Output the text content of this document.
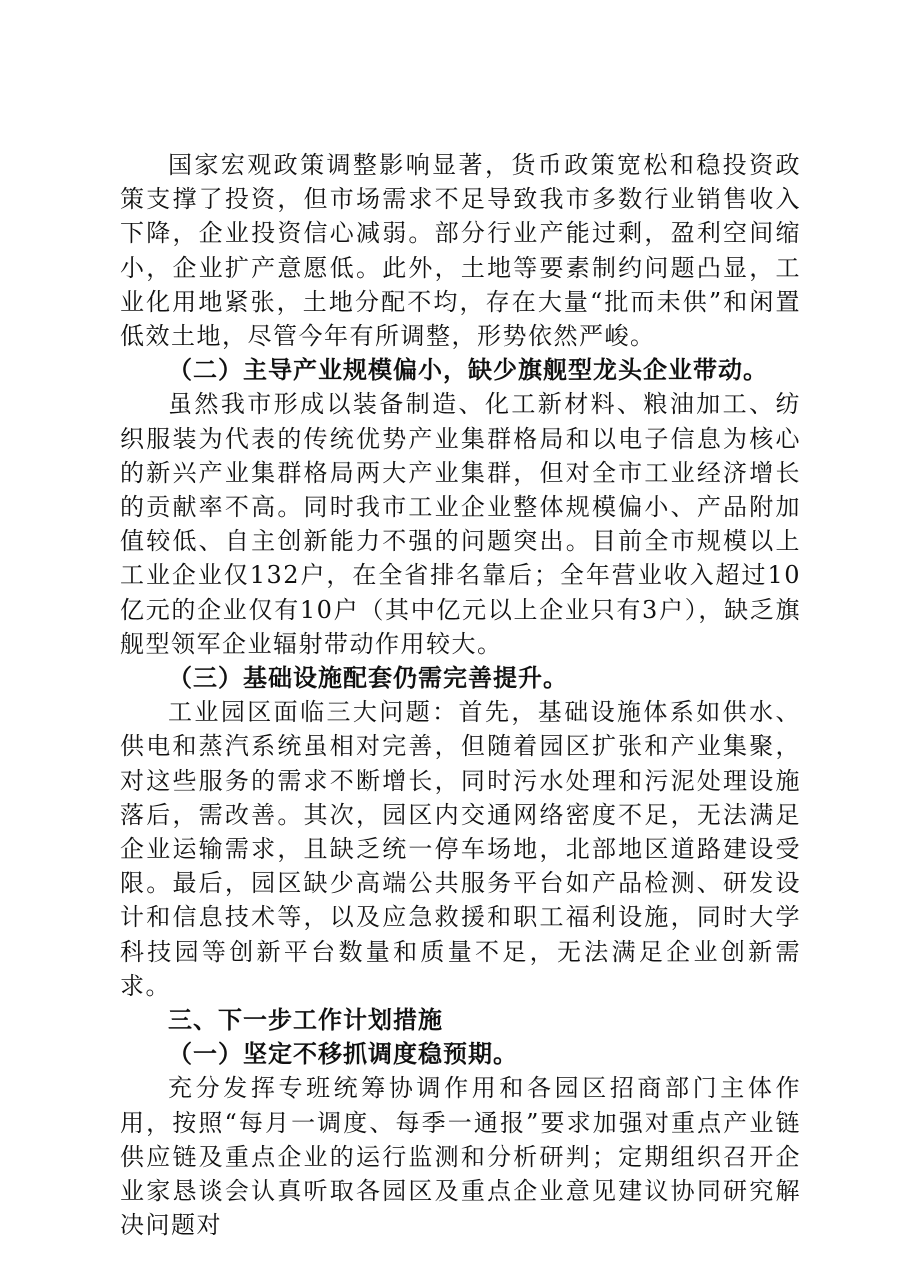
国家宏观政策调整影响显著，货币政策宽松和稳投资政策支撑了投资，但市场需求不足导致我市多数行业销售收入下降，企业投资信心减弱。部分行业产能过剩，盈利空间缩小，企业扩产意愿低。此外，土地等要素制约问题凸显，工业化用地紧张，土地分配不均，存在大量“批而未供”和闲置低效土地，尽管今年有所调整，形势依然严峻。

（二）主导产业规模偏小，缺少旗舰型龙头企业带动。

虽然我市形成以装备制造、化工新材料、粮油加工、纺织服装为代表的传统优势产业集群格局和以电子信息为核心的新兴产业集群格局两大产业集群，但对全市工业经济增长的贡献率不高。同时我市工业企业整体规模偏小、产品附加值较低、自主创新能力不强的问题突出。目前全市规模以上工业企业仅132户，在全省排名靠后；全年营业收入超过10亿元的企业仅有10户（其中亿元以上企业只有3户），缺乏旗舰型领军企业辐射带动作用较大。

（三）基础设施配套仍需完善提升。

工业园区面临三大问题：首先，基础设施体系如供水、供电和蒸汽系统虽相对完善，但随着园区扩张和产业集聚，对这些服务的需求不断增长，同时污水处理和污泥处理设施落后，需改善。其次，园区内交通网络密度不足，无法满足企业运输需求，且缺乏统一停车场地，北部地区道路建设受限。最后，园区缺少高端公共服务平台如产品检测、研发设计和信息技术等，以及应急救援和职工福利设施，同时大学科技园等创新平台数量和质量不足，无法满足企业创新需求。

三、下一步工作计划措施

（一）坚定不移抓调度稳预期。

充分发挥专班统筹协调作用和各园区招商部门主体作用，按照“每月一调度、每季一通报”要求加强对重点产业链供应链及重点企业的运行监测和分析研判；定期组织召开企业家恳谈会认真听取各园区及重点企业意见建议协同研究解决问题对
